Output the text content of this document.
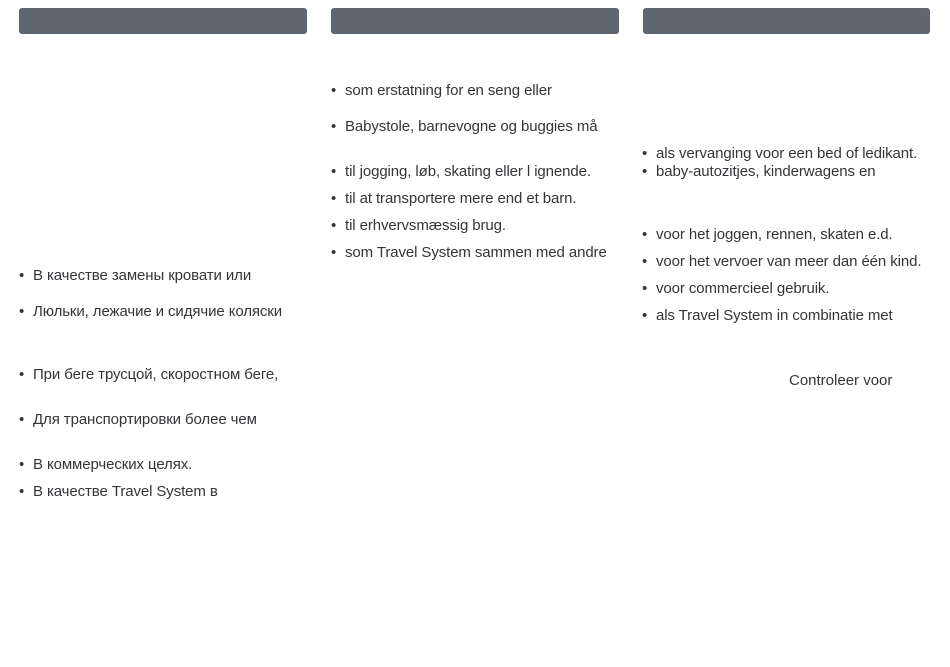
• В качестве замены кровати или
• Люльки, лежачие и сидячие коляски
• При беге трусцой, скоростном беге,
• Для транспортировки более чем
• В коммерческих целях.
• В качестве Travel System в
• som erstatning for en seng eller
• Babystole, barnevogne og buggies må
• til jogging, løb, skating eller l ignende.
• til at transportere mere end et barn.
• til erhvervsmæssig brug.
• som Travel System sammen med andre
• als vervanging voor een bed of ledikant.
• baby-autozitjes, kinderwagens en
• voor het joggen, rennen, skaten e.d.
• voor het vervoer van meer dan één kind.
• voor commercieel gebruik.
• als Travel System in combinatie met
Controleer voor
